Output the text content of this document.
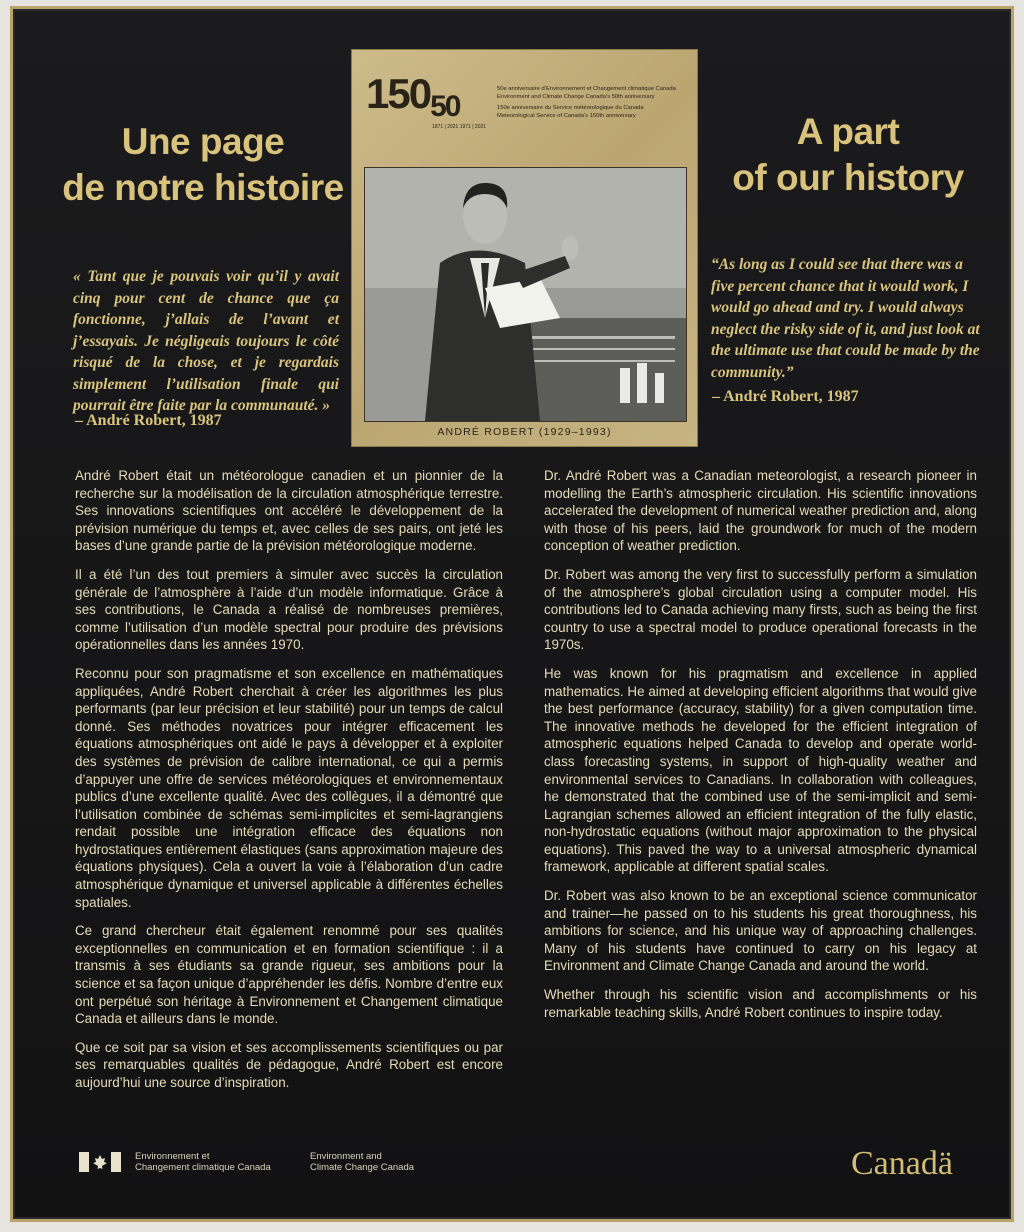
Une page
de notre histoire
A part
of our history
« Tant que je pouvais voir qu’il y avait cinq pour cent de chance que ça fonctionne, j’allais de l’avant et j’essayais. Je négligeais toujours le côté risqué de la chose, et je regardais simplement l’utilisation finale qui pourrait être faite par la communauté. »
– André Robert, 1987
“As long as I could see that there was a five percent chance that it would work, I would go ahead and try. I would always neglect the risky side of it, and just look at the ultimate use that could be made by the community.”
– André Robert, 1987
15050
1871 | 2021 1971 | 2021
50e anniversaire d’Environnement et Changement climatique Canada
Environment and Climate Change Canada’s 50th anniversary
150e anniversaire du Service météorologique du Canada
Meteorological Service of Canada’s 150th anniversary
ANDRÉ ROBERT (1929–1993)

André Robert était un météorologue canadien et un pionnier de la recherche sur la modélisation de la circulation atmosphérique terrestre. Ses innovations scientifiques ont accéléré le développement de la prévision numérique du temps et, avec celles de ses pairs, ont jeté les bases d’une grande partie de la prévision météorologique moderne.

Il a été l’un des tout premiers à simuler avec succès la circulation générale de l’atmosphère à l’aide d’un modèle informatique. Grâce à ses contributions, le Canada a réalisé de nombreuses premières, comme l’utilisation d’un modèle spectral pour produire des prévisions opérationnelles dans les années 1970.

Reconnu pour son pragmatisme et son excellence en mathématiques appliquées, André Robert cherchait à créer les algorithmes les plus performants (par leur précision et leur stabilité) pour un temps de calcul donné. Ses méthodes novatrices pour intégrer efficacement les équations atmosphériques ont aidé le pays à développer et à exploiter des systèmes de prévision de calibre international, ce qui a permis d’appuyer une offre de services météorologiques et environnementaux publics d’une excellente qualité. Avec des collègues, il a démontré que l’utilisation combinée de schémas semi-implicites et semi-lagrangiens rendait possible une intégration efficace des équations non hydrostatiques entièrement élastiques (sans approximation majeure des équations physiques). Cela a ouvert la voie à l’élaboration d’un cadre atmosphérique dynamique et universel applicable à différentes échelles spatiales.

Ce grand chercheur était également renommé pour ses qualités exceptionnelles en communication et en formation scientifique : il a transmis à ses étudiants sa grande rigueur, ses ambitions pour la science et sa façon unique d’appréhender les défis. Nombre d’entre eux ont perpétué son héritage à Environnement et Changement climatique Canada et ailleurs dans le monde.

Que ce soit par sa vision et ses accomplissements scientifiques ou par ses remarquables qualités de pédagogue, André Robert est encore aujourd’hui une source d’inspiration.

Dr. André Robert was a Canadian meteorologist, a research pioneer in modelling the Earth’s atmospheric circulation. His scientific innovations accelerated the development of numerical weather prediction and, along with those of his peers, laid the groundwork for much of the modern conception of weather prediction.

Dr. Robert was among the very first to successfully perform a simulation of the atmosphere’s global circulation using a computer model. His contributions led to Canada achieving many firsts, such as being the first country to use a spectral model to produce operational forecasts in the 1970s.

He was known for his pragmatism and excellence in applied mathematics. He aimed at developing efficient algorithms that would give the best performance (accuracy, stability) for a given computation time. The innovative methods he developed for the efficient integration of atmospheric equations helped Canada to develop and operate world-class forecasting systems, in support of high-quality weather and environmental services to Canadians. In collaboration with colleagues, he demonstrated that the combined use of the semi-implicit and semi-Lagrangian schemes allowed an efficient integration of the fully elastic, non-hydrostatic equations (without major approximation to the physical equations). This paved the way to a universal atmospheric dynamical framework, applicable at different spatial scales.

Dr. Robert was also known to be an exceptional science communicator and trainer—he passed on to his students his great thoroughness, his ambitions for science, and his unique way of approaching challenges. Many of his students have continued to carry on his legacy at Environment and Climate Change Canada and around the world.

Whether through his scientific vision and accomplishments or his remarkable teaching skills, André Robert continues to inspire today.

Environnement et
Changement climatique Canada
Environment and
Climate Change Canada	Canadä
